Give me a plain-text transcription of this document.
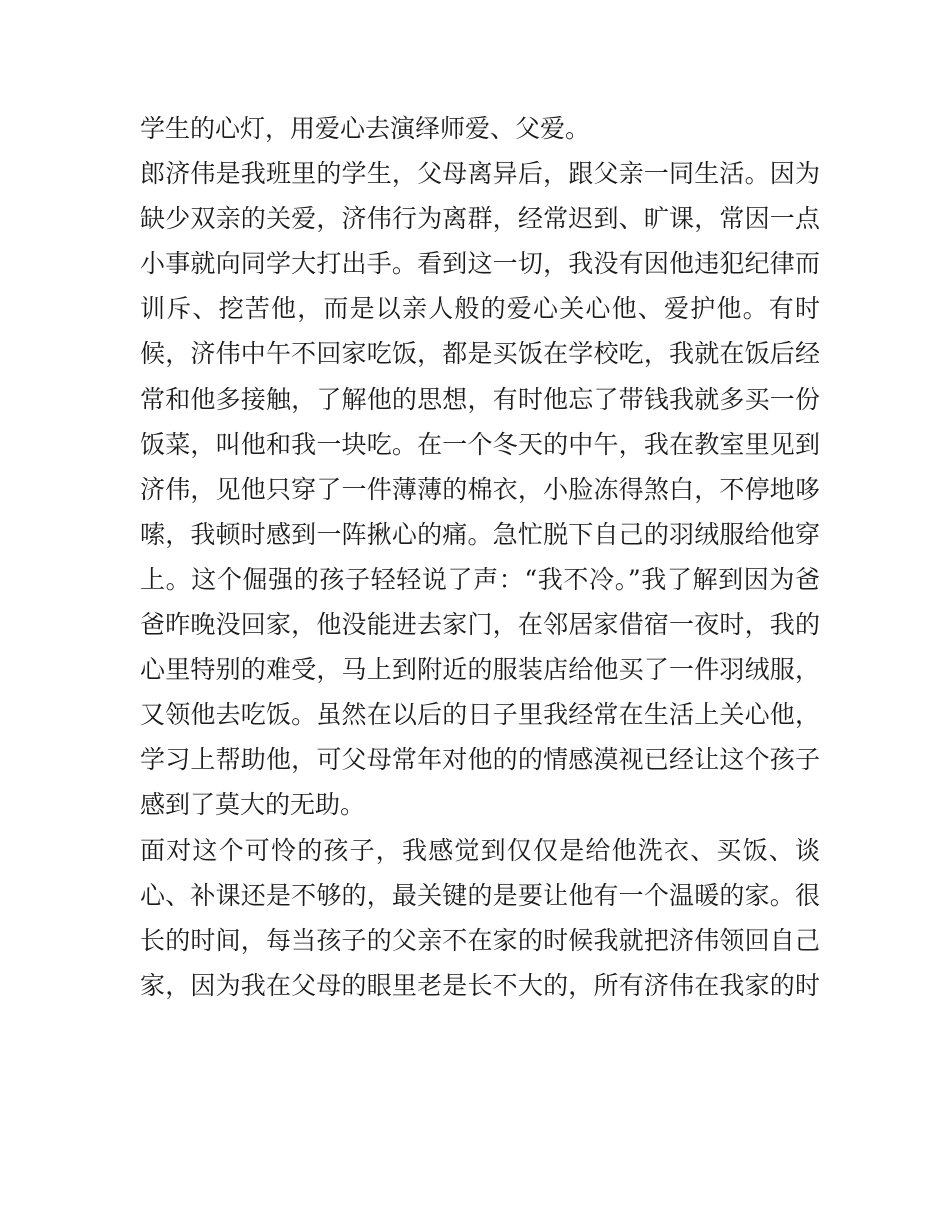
学生的心灯，用爱心去演绎师爱、父爱。
郎济伟是我班里的学生，父母离异后，跟父亲一同生活。因为
缺少双亲的关爱，济伟行为离群，经常迟到、旷课，常因一点
小事就向同学大打出手。看到这一切，我没有因他违犯纪律而
训斥、挖苦他，而是以亲人般的爱心关心他、爱护他。有时
候，济伟中午不回家吃饭，都是买饭在学校吃，我就在饭后经
常和他多接触，了解他的思想，有时他忘了带钱我就多买一份
饭菜，叫他和我一块吃。在一个冬天的中午，我在教室里见到
济伟，见他只穿了一件薄薄的棉衣，小脸冻得煞白，不停地哆
嗦，我顿时感到一阵揪心的痛。急忙脱下自己的羽绒服给他穿
上。这个倔强的孩子轻轻说了声：“我不冷。”我了解到因为爸
爸昨晚没回家，他没能进去家门，在邻居家借宿一夜时，我的
心里特别的难受，马上到附近的服装店给他买了一件羽绒服，
又领他去吃饭。虽然在以后的日子里我经常在生活上关心他，
学习上帮助他，可父母常年对他的的情感漠视已经让这个孩子
感到了莫大的无助。
面对这个可怜的孩子，我感觉到仅仅是给他洗衣、买饭、谈
心、补课还是不够的，最关键的是要让他有一个温暖的家。很
长的时间，每当孩子的父亲不在家的时候我就把济伟领回自己
家，因为我在父母的眼里老是长不大的，所有济伟在我家的时
